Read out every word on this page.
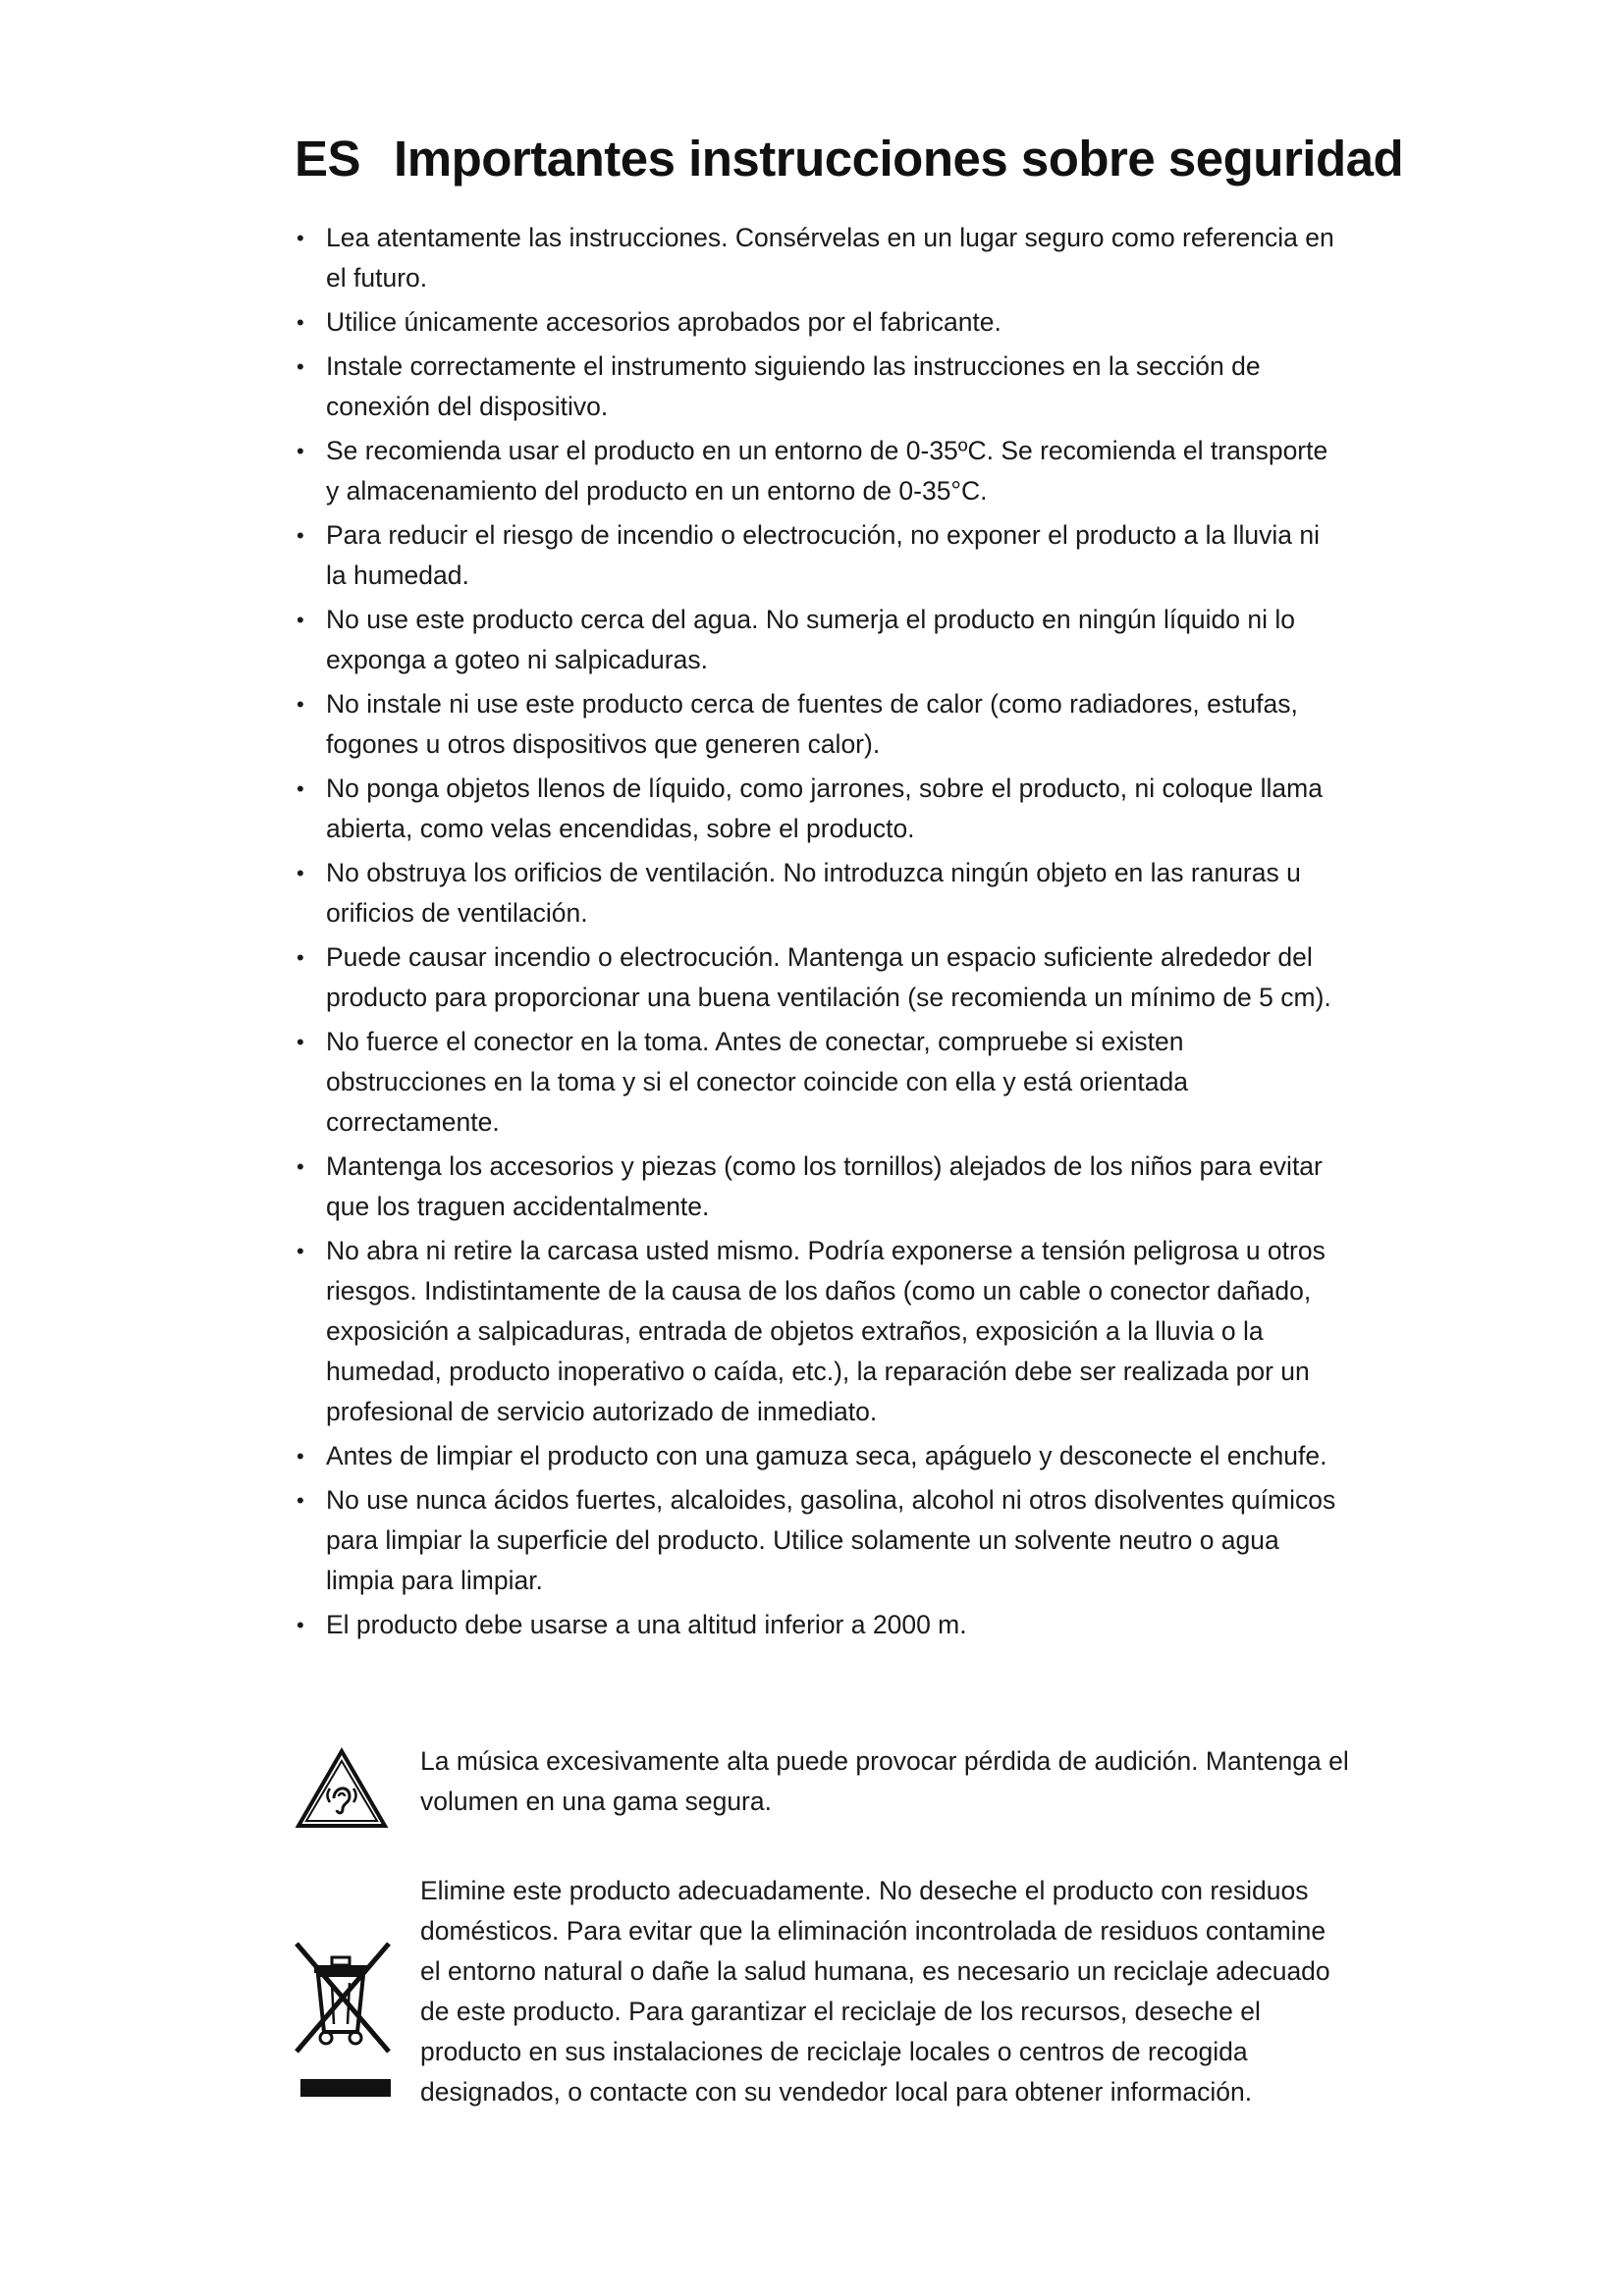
ES Importantes instrucciones sobre seguridad
• Lea atentamente las instrucciones. Consérvelas en un lugar seguro como referencia en el futuro.
• Utilice únicamente accesorios aprobados por el fabricante.
• Instale correctamente el instrumento siguiendo las instrucciones en la sección de conexión del dispositivo.
• Se recomienda usar el producto en un entorno de 0-35ºC. Se recomienda el transporte y almacenamiento del producto en un entorno de 0-35°C.
• Para reducir el riesgo de incendio o electrocución, no exponer el producto a la lluvia ni la humedad.
• No use este producto cerca del agua. No sumerja el producto en ningún líquido ni lo exponga a goteo ni salpicaduras.
• No instale ni use este producto cerca de fuentes de calor (como radiadores, estufas, fogones u otros dispositivos que generen calor).
• No ponga objetos llenos de líquido, como jarrones, sobre el producto, ni coloque llama abierta, como velas encendidas, sobre el producto.
• No obstruya los orificios de ventilación. No introduzca ningún objeto en las ranuras u orificios de ventilación.
• Puede causar incendio o electrocución. Mantenga un espacio suficiente alrededor del producto para proporcionar una buena ventilación (se recomienda un mínimo de 5 cm).
• No fuerce el conector en la toma. Antes de conectar, compruebe si existen obstrucciones en la toma y si el conector coincide con ella y está orientada correctamente.
• Mantenga los accesorios y piezas (como los tornillos) alejados de los niños para evitar que los traguen accidentalmente.
• No abra ni retire la carcasa usted mismo. Podría exponerse a tensión peligrosa u otros riesgos. Indistintamente de la causa de los daños (como un cable o conector dañado, exposición a salpicaduras, entrada de objetos extraños, exposición a la lluvia o la humedad, producto inoperativo o caída, etc.), la reparación debe ser realizada por un profesional de servicio autorizado de inmediato.
• Antes de limpiar el producto con una gamuza seca, apáguelo y desconecte el enchufe.
• No use nunca ácidos fuertes, alcaloides, gasolina, alcohol ni otros disolventes químicos para limpiar la superficie del producto. Utilice solamente un solvente neutro o agua limpia para limpiar.
• El producto debe usarse a una altitud inferior a 2000 m.

La música excesivamente alta puede provocar pérdida de audición. Mantenga el volumen en una gama segura.

Elimine este producto adecuadamente. No deseche el producto con residuos domésticos. Para evitar que la eliminación incontrolada de residuos contamine el entorno natural o dañe la salud humana, es necesario un reciclaje adecuado de este producto. Para garantizar el reciclaje de los recursos, deseche el producto en sus instalaciones de reciclaje locales o centros de recogida designados, o contacte con su vendedor local para obtener información.
